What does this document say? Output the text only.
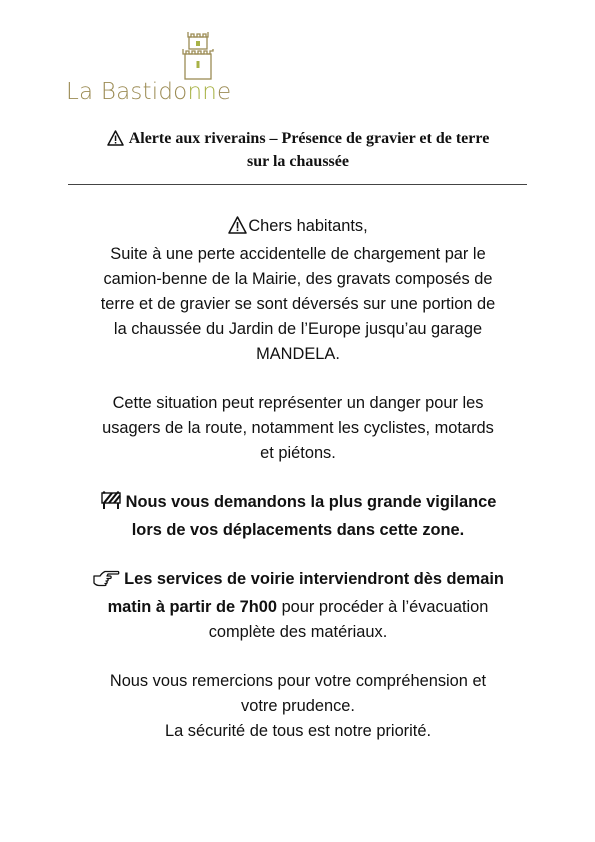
La Bastidonne
Alerte aux riverains – Présence de gravier et de terre
sur la chaussée

Chers habitants,

Suite à une perte accidentelle de chargement par le
camion-benne de la Mairie, des gravats composés de
terre et de gravier se sont déversés sur une portion de
la chaussée du Jardin de l’Europe jusqu’au garage
MANDELA.

Cette situation peut représenter un danger pour les
usagers de la route, notamment les cyclistes, motards
et piétons.

Nous vous demandons la plus grande vigilance
lors de vos déplacements dans cette zone.

Les services de voirie interviendront dès demain
matin à partir de 7h00 pour procéder à l’évacuation
complète des matériaux.

Nous vous remercions pour votre compréhension et
votre prudence.
La sécurité de tous est notre priorité.
